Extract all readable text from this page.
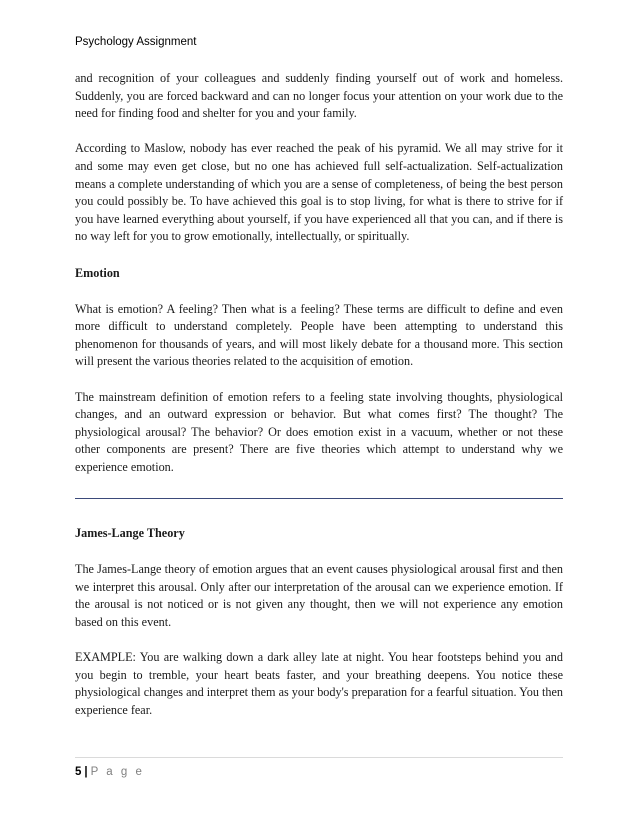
Psychology Assignment

and recognition of your colleagues and suddenly finding yourself out of work and homeless. Suddenly, you are forced backward and can no longer focus your attention on your work due to the need for finding food and shelter for you and your family.

According to Maslow, nobody has ever reached the peak of his pyramid. We all may strive for it and some may even get close, but no one has achieved full self-actualization. Self-actualization means a complete understanding of which you are a sense of completeness, of being the best person you could possibly be. To have achieved this goal is to stop living, for what is there to strive for if you have learned everything about yourself, if you have experienced all that you can, and if there is no way left for you to grow emotionally, intellectually, or spiritually.

Emotion

What is emotion? A feeling? Then what is a feeling? These terms are difficult to define and even more difficult to understand completely. People have been attempting to understand this phenomenon for thousands of years, and will most likely debate for a thousand more. This section will present the various theories related to the acquisition of emotion.

The mainstream definition of emotion refers to a feeling state involving thoughts, physiological changes, and an outward expression or behavior. But what comes first? The thought? The physiological arousal? The behavior? Or does emotion exist in a vacuum, whether or not these other components are present? There are five theories which attempt to understand why we experience emotion.

James-Lange Theory

The James-Lange theory of emotion argues that an event causes physiological arousal first and then we interpret this arousal. Only after our interpretation of the arousal can we experience emotion. If the arousal is not noticed or is not given any thought, then we will not experience any emotion based on this event.

EXAMPLE: You are walking down a dark alley late at night. You hear footsteps behind you and you begin to tremble, your heart beats faster, and your breathing deepens. You notice these physiological changes and interpret them as your body's preparation for a fearful situation. You then experience fear.

5 | P a g e
